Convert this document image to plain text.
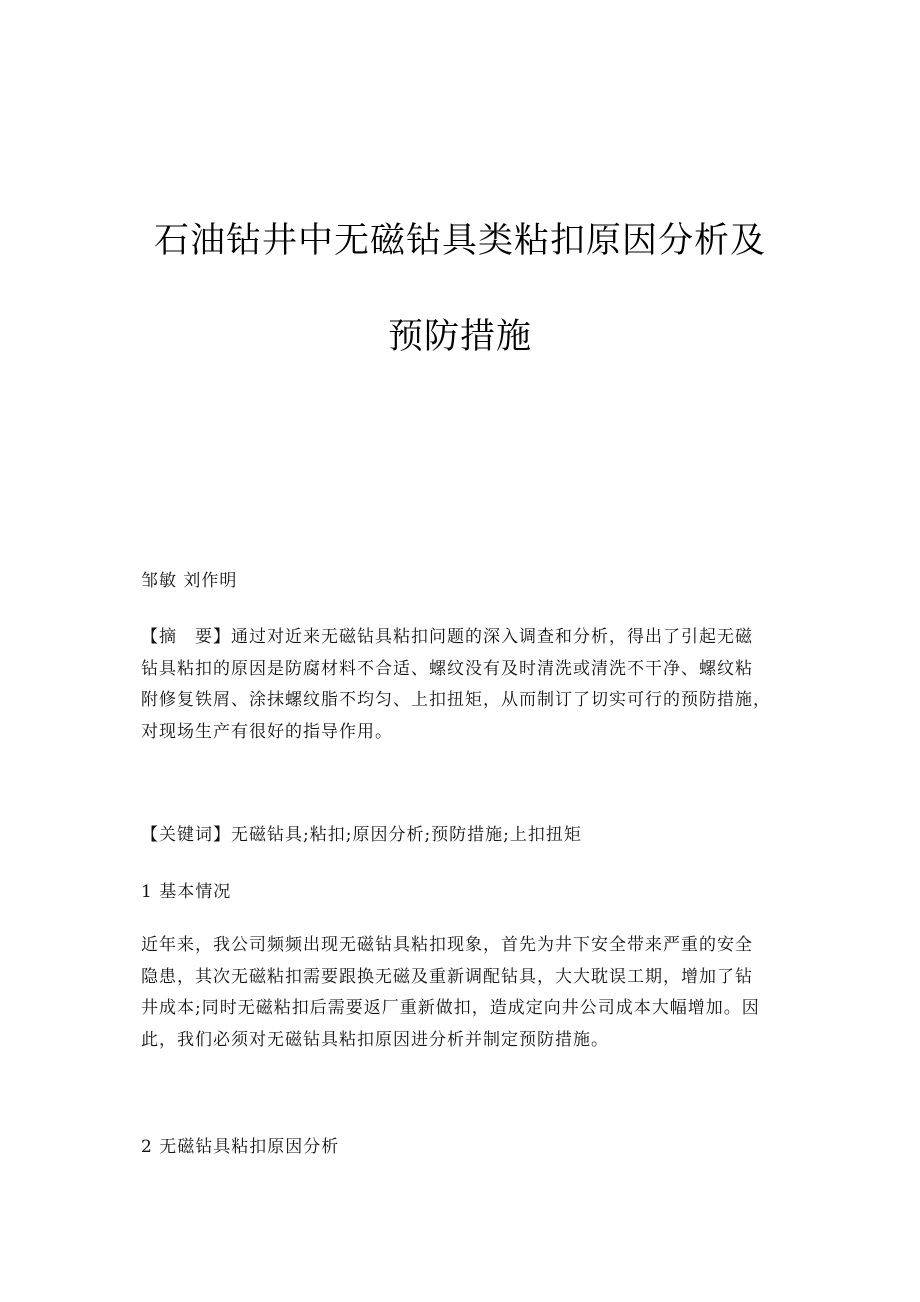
石油钻井中无磁钻具类粘扣原因分析及
预防措施
邹敏 刘作明
【摘　要】通过对近来无磁钻具粘扣问题的深入调查和分析，得出了引起无磁
钻具粘扣的原因是防腐材料不合适、螺纹没有及时清洗或清洗不干净、螺纹粘
附修复铁屑、涂抹螺纹脂不均匀、上扣扭矩，从而制订了切实可行的预防措施，
对现场生产有很好的指导作用。
【关键词】无磁钻具;粘扣;原因分析;预防措施;上扣扭矩
1 基本情况
近年来，我公司频频出现无磁钻具粘扣现象，首先为井下安全带来严重的安全
隐患，其次无磁粘扣需要跟换无磁及重新调配钻具，大大耽误工期，增加了钻
井成本;同时无磁粘扣后需要返厂重新做扣，造成定向井公司成本大幅增加。因
此，我们必须对无磁钻具粘扣原因进分析并制定预防措施。
2 无磁钻具粘扣原因分析
